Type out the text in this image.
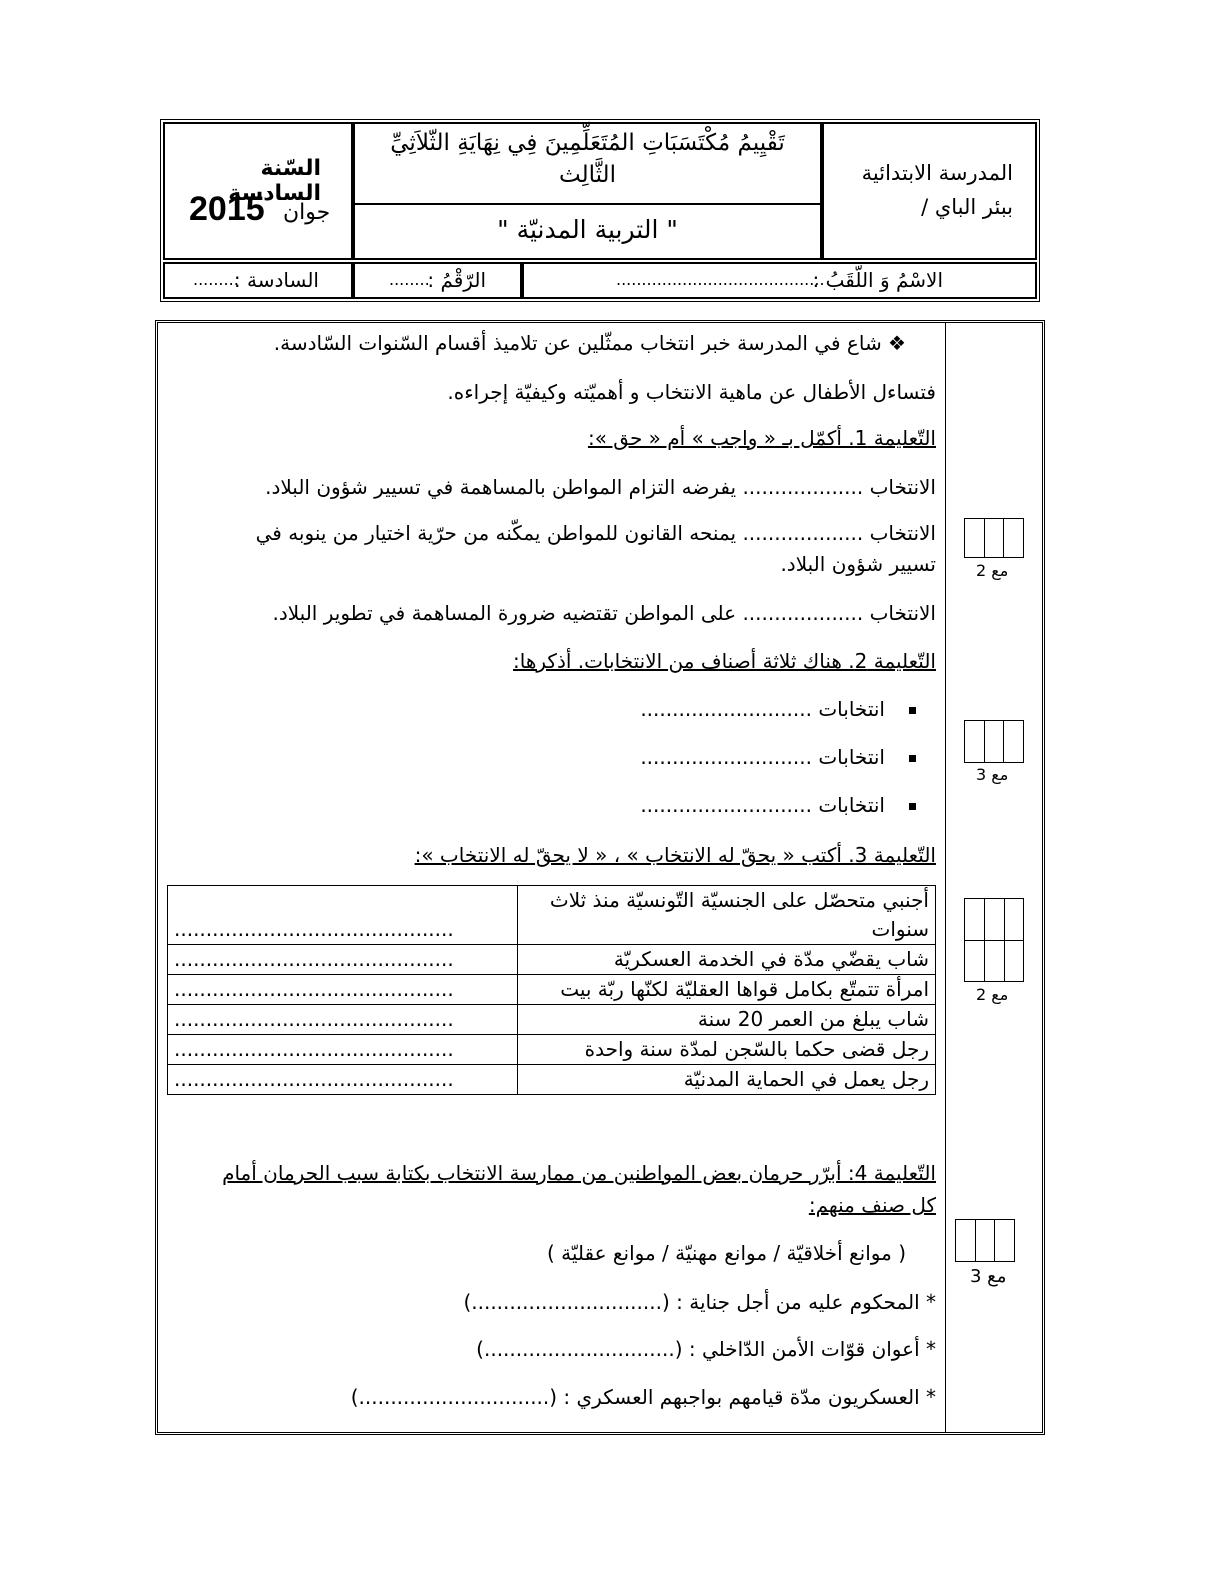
المدرسة الابتدائية
ببئر الباي /
تَقْيِيمُ مُكْتَسَبَاتِ المُتَعَلِّمِينَ فِي نِهَايَةِ الثّلاَثِيِّ
الثَّالِث
" التربية المدنيّة "
السّنة السادسة
جوان
2015
الاسْمُ وَ اللّقَبُ :
.........................................
الرّقْمُ :
........
السادسة :
.........
❖ شاع في المدرسة خبر انتخاب ممثّلين عن تلاميذ أقسام السّنوات السّادسة.
فتساءل الأطفال عن ماهية الانتخاب و أهميّته وكيفيّة إجراءه.
التّعليمة 1. أكمّل بـ « واجب » أم « حق »:
الانتخاب ................... يفرضه التزام المواطن بالمساهمة في تسيير شؤون البلاد.
الانتخاب ................... يمنحه القانون للمواطن يمكّنه من حرّية اختيار من ينوبه في
تسيير شؤون البلاد.
الانتخاب ................... على المواطن تقتضيه ضرورة المساهمة في تطوير البلاد.
مع 2
التّعليمة 2. هناك ثلاثة أصناف من الانتخابات. أذكرها:
انتخابات ...........................
انتخابات ...........................
انتخابات ...........................
مع 3
التّعليمة 3. أكتب « يحقّ له الانتخاب » ، « لا يحقّ له الانتخاب »:
............................................	أجنبي متحصّل على الجنسيّة التّونسيّة منذ ثلاث سنوات
............................................	شاب يقضّي مدّة في الخدمة العسكريّة
............................................	امرأة تتمتّع بكامل قواها العقليّة لكنّها ربّة بيت
............................................	شاب يبلغ من العمر 20 سنة
............................................	رجل قضى حكما بالسّجن لمدّة سنة واحدة
............................................	رجل يعمل في الحماية المدنيّة
مع 2
التّعليمة 4: أبرّر حرمان بعض المواطنين من ممارسة الانتخاب بكتابة سبب الحرمان أمام
كل صنف منهم:
( موانع أخلاقيّة / موانع مهنيّة / موانع عقليّة )
* المحكوم عليه من أجل جناية : (..............................)
* أعوان قوّات الأمن الدّاخلي : (..............................)
* العسكريون مدّة قيامهم بواجبهم العسكري : (..............................)
مع 3
